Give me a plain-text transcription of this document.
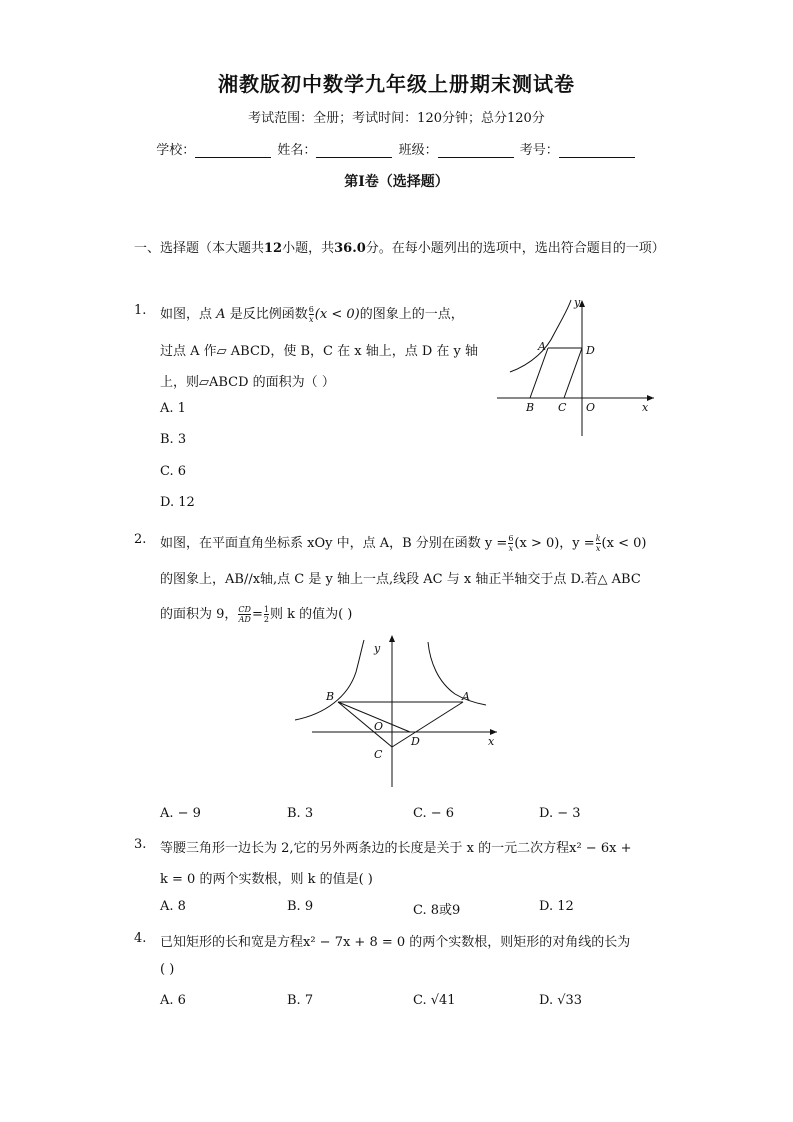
湘教版初中数学九年级上册期末测试卷
考试范围：全册；考试时间：120分钟；总分120分
学校：	姓名：	班级：	考号：
第I卷（选择题）
一、选择题（本大题共12小题，共36.0分。在每小题列出的选项中，选出符合题目的一项）
1. 如图，点 A 是反比例函数 $\frac{6}{x} (x < 0)$的图象上的一点，
过点 A 作▱ ABCD，使 B，C 在 x 轴上，点 D 在 y 轴
上，则▱ABCD 的面积为（ ）
A. 1
B. 3
C. 6
D. 12
A	D
B C O	x
y
2. 如图，在平面直角坐标系 xOy 中，点 A，B 分别在函数 $y = \frac{6}{x} (x > 0)$，$y = \frac{k}{x} (x < 0)$
的图象上，AB//x轴,点 C 是 y 轴上一点,线段 AC 与 x 轴正半轴交于点 D.若△ ABC
的面积为 9， $\frac{CD}{AD} = \frac{1}{2}$ 则 k 的值为( )
B	A
O
D
C
x
y
A. − 9	B. 3	C. − 6	D. − 3
3. 等腰三角形一边长为 2,它的另外两条边的长度是关于 x 的一元二次方程x² − 6x +
k = 0 的两个实数根，则 k 的值是( )
A. 8	B. 9	C. 8或9	D. 12
4. 已知矩形的长和宽是方程x² − 7x + 8 = 0 的两个实数根，则矩形的对角线的长为
( )
A. 6	B. 7	C. √41	D. √33
